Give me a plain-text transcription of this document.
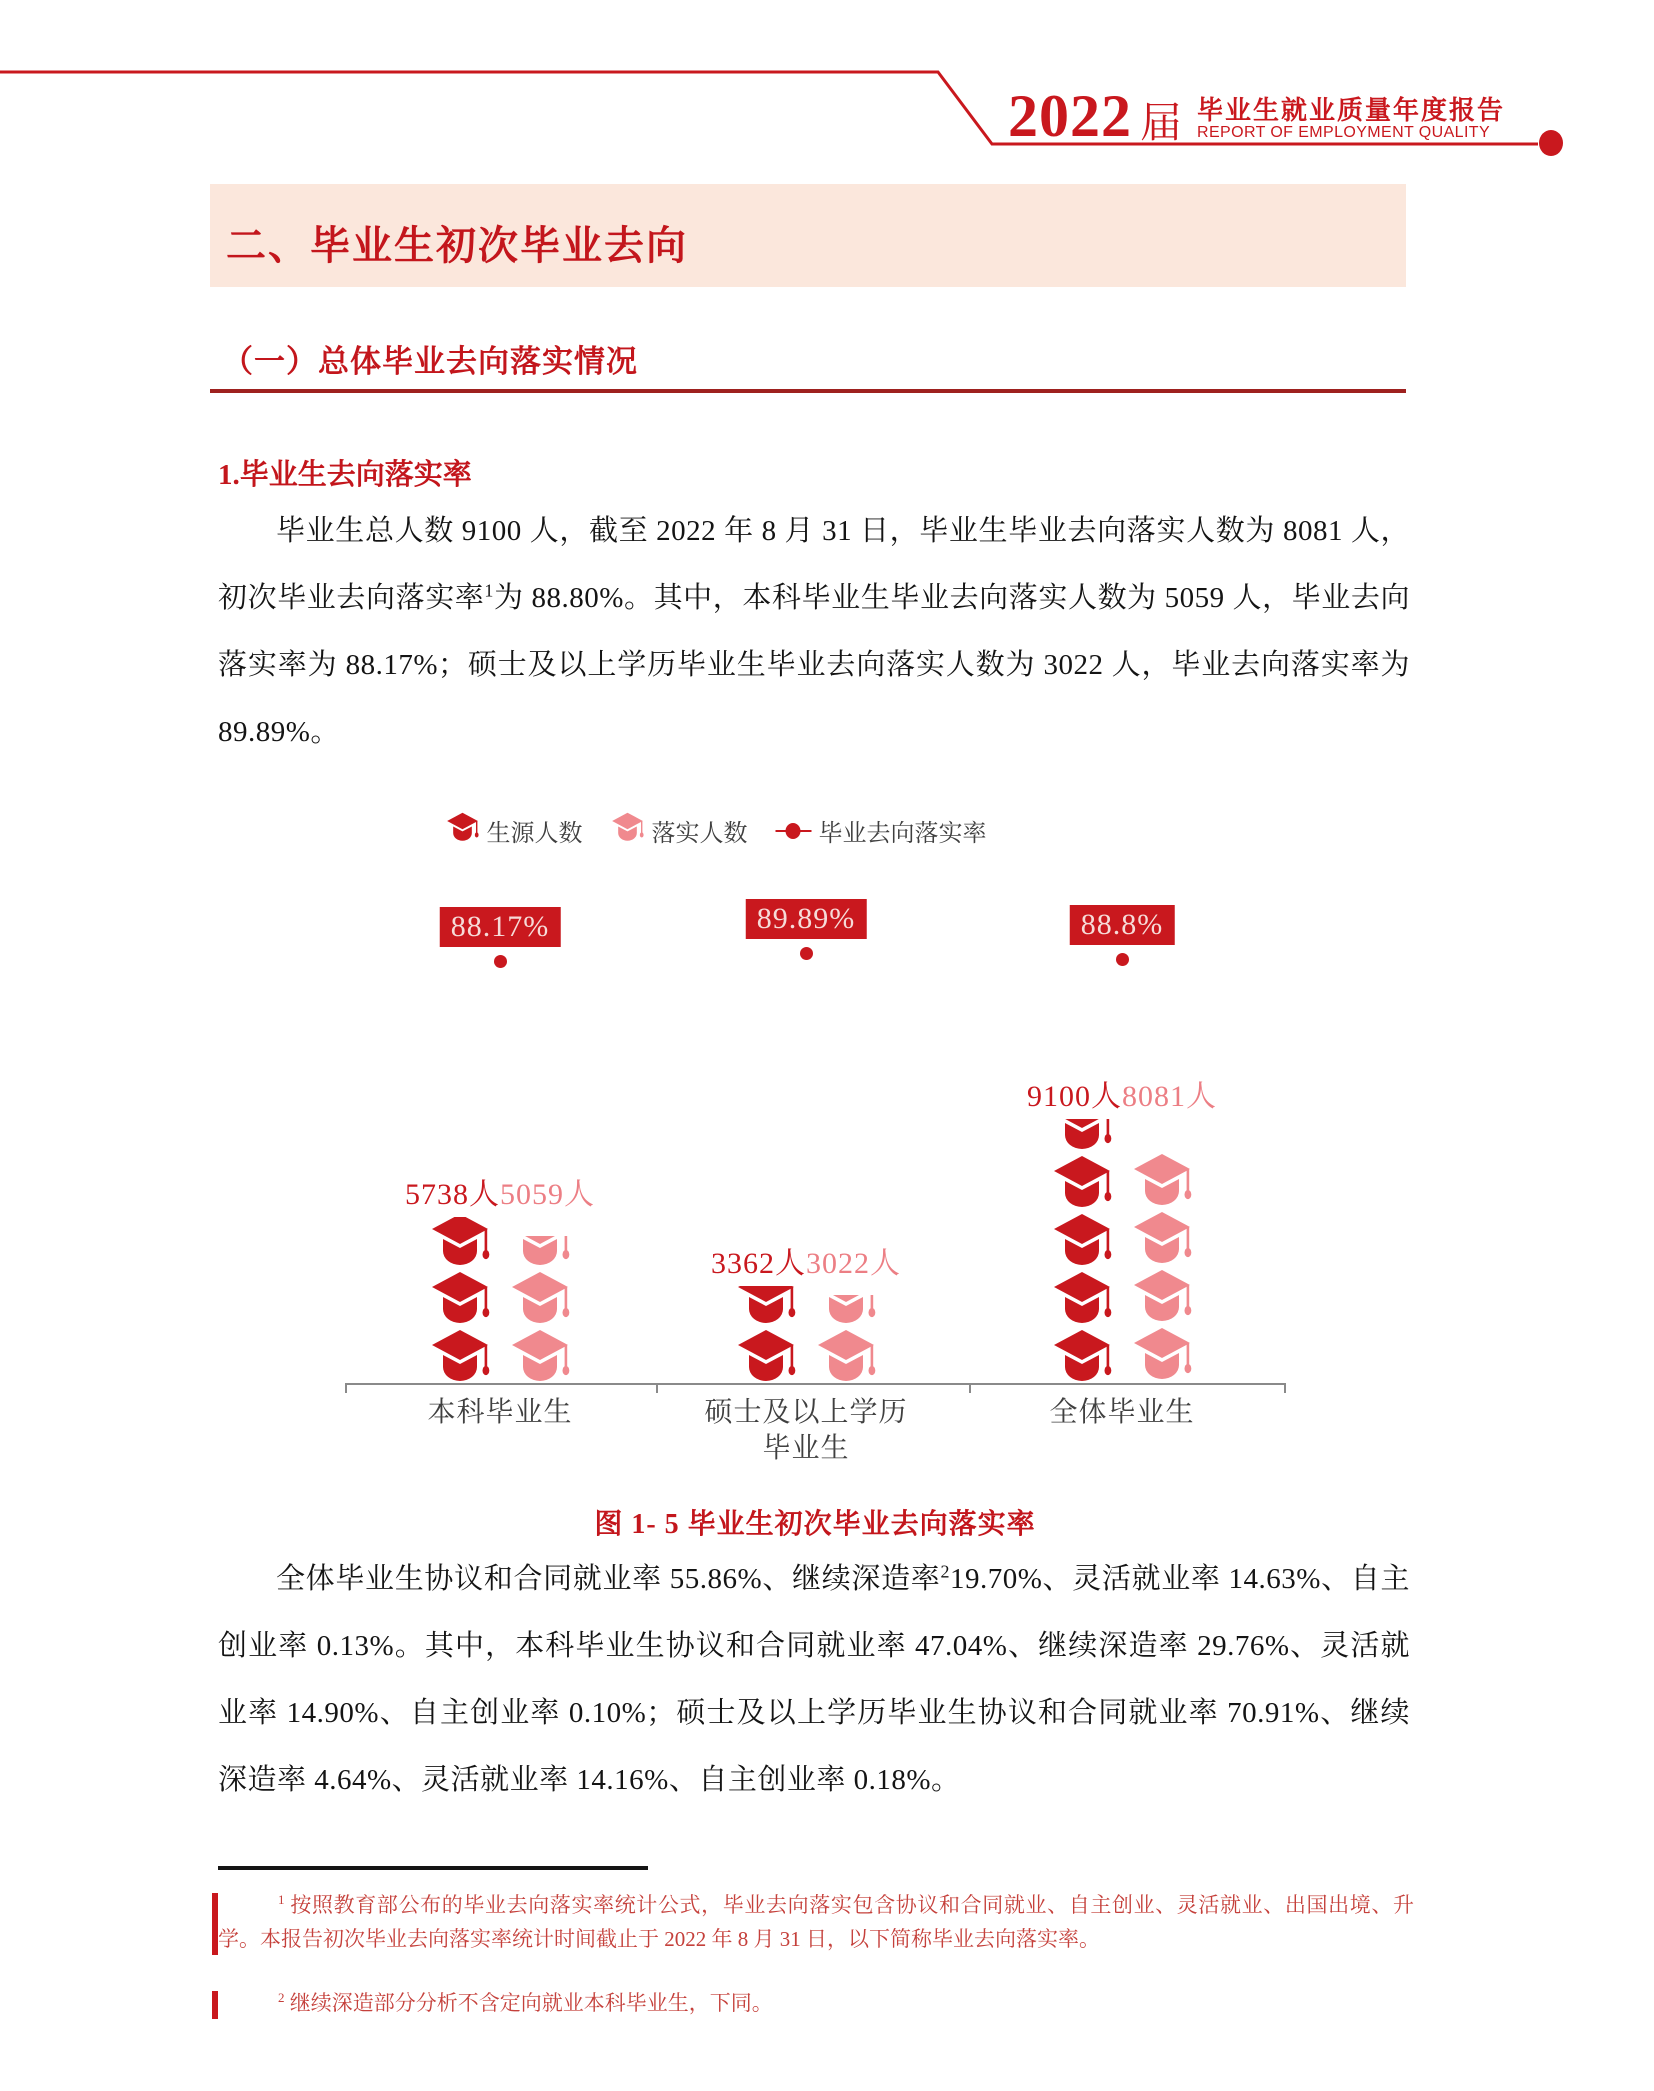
2022 届 毕业生就业质量年度报告
REPORT OF EMPLOYMENT QUALITY
二、毕业生初次毕业去向
（一）总体毕业去向落实情况
1.毕业生去向落实率
毕业生总人数 9100 人，截至 2022 年 8 月 31 日，毕业生毕业去向落实人数为 8081 人，初次毕业去向落实率$^1$为 88.80%。其中，本科毕业生毕业去向落实人数为 5059 人，毕业去向落实率为 88.17%；硕士及以上学历毕业生毕业去向落实人数为 3022 人，毕业去向落实率为 89.89%。
生源人数	落实人数	毕业去向落实率
5738人5059人
88.17%
本科毕业生
3362人3022人
89.89%
硕士及以上学历
毕业生
9100人8081人
88.8%
全体毕业生
图 1- 5 毕业生初次毕业去向落实率
全体毕业生协议和合同就业率 55.86%、继续深造率$^2$19.70%、灵活就业率 14.63%、自主创业率 0.13%。其中，本科毕业生协议和合同就业率 47.04%、继续深造率 29.76%、灵活就业率 14.90%、自主创业率 0.10%；硕士及以上学历毕业生协议和合同就业率 70.91%、继续深造率 4.64%、灵活就业率 14.16%、自主创业率 0.18%。
$^1$ 按照教育部公布的毕业去向落实率统计公式，毕业去向落实包含协议和合同就业、自主创业、灵活就业、出国出境、升学。本报告初次毕业去向落实率统计时间截止于 2022 年 8 月 31 日，以下简称毕业去向落实率。
$^2$ 继续深造部分分析不含定向就业本科毕业生，下同。
